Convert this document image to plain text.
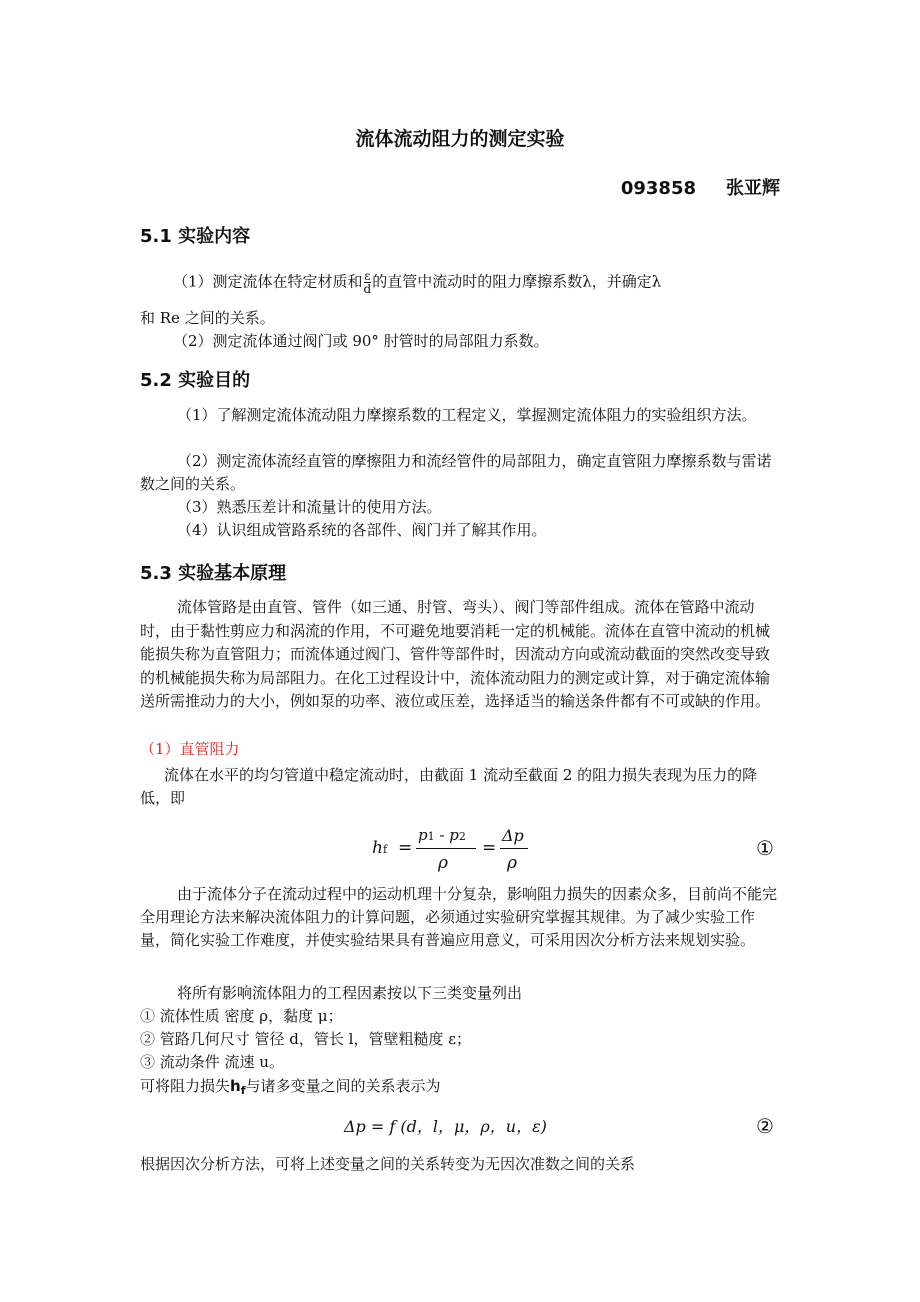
流体流动阻力的测定实验
093858 张亚辉
5.1 实验内容
（1）测定流体在特定材质和 $\frac{\varepsilon}{d}$ 的直管中流动时的阻力摩擦系数λ，并确定λ
和 Re 之间的关系。
（2）测定流体通过阀门或 90° 肘管时的局部阻力系数。
5.2 实验目的
（1）了解测定流体流动阻力摩擦系数的工程定义，掌握测定流体阻力的实验组织方法。
（2）测定流体流经直管的摩擦阻力和流经管件的局部阻力，确定直管阻力摩擦系数与雷诺数之间的关系。
（3）熟悉压差计和流量计的使用方法。
（4）认识组成管路系统的各部件、阀门并了解其作用。
5.3 实验基本原理
流体管路是由直管、管件（如三通、肘管、弯头）、阀门等部件组成。流体在管路中流动时，由于黏性剪应力和涡流的作用，不可避免地要消耗一定的机械能。流体在直管中流动的机械能损失称为直管阻力；而流体通过阀门、管件等部件时，因流动方向或流动截面的突然改变导致的机械能损失称为局部阻力。在化工过程设计中，流体流动阻力的测定或计算，对于确定流体输送所需推动力的大小，例如泵的功率、液位或压差，选择适当的输送条件都有不可或缺的作用。
（1）直管阻力
流体在水平的均匀管道中稳定流动时，由截面 1 流动至截面 2 的阻力损失表现为压力的降低，即
hf =
p1 - p2
ρ
=
Δp
ρ
①
由于流体分子在流动过程中的运动机理十分复杂，影响阻力损失的因素众多，目前尚不能完全用理论方法来解决流体阻力的计算问题，必须通过实验研究掌握其规律。为了减少实验工作量，简化实验工作难度，并使实验结果具有普遍应用意义，可采用因次分析方法来规划实验。
将所有影响流体阻力的工程因素按以下三类变量列出
① 流体性质 密度 ρ，黏度 μ；
② 管路几何尺寸 管径 d，管长 l，管壁粗糙度 ε；
③ 流动条件 流速 u。
可将阻力损失$h_f$与诸多变量之间的关系表示为
Δp = f (d，l，μ，ρ，u，ε)	②
根据因次分析方法，可将上述变量之间的关系转变为无因次准数之间的关系
